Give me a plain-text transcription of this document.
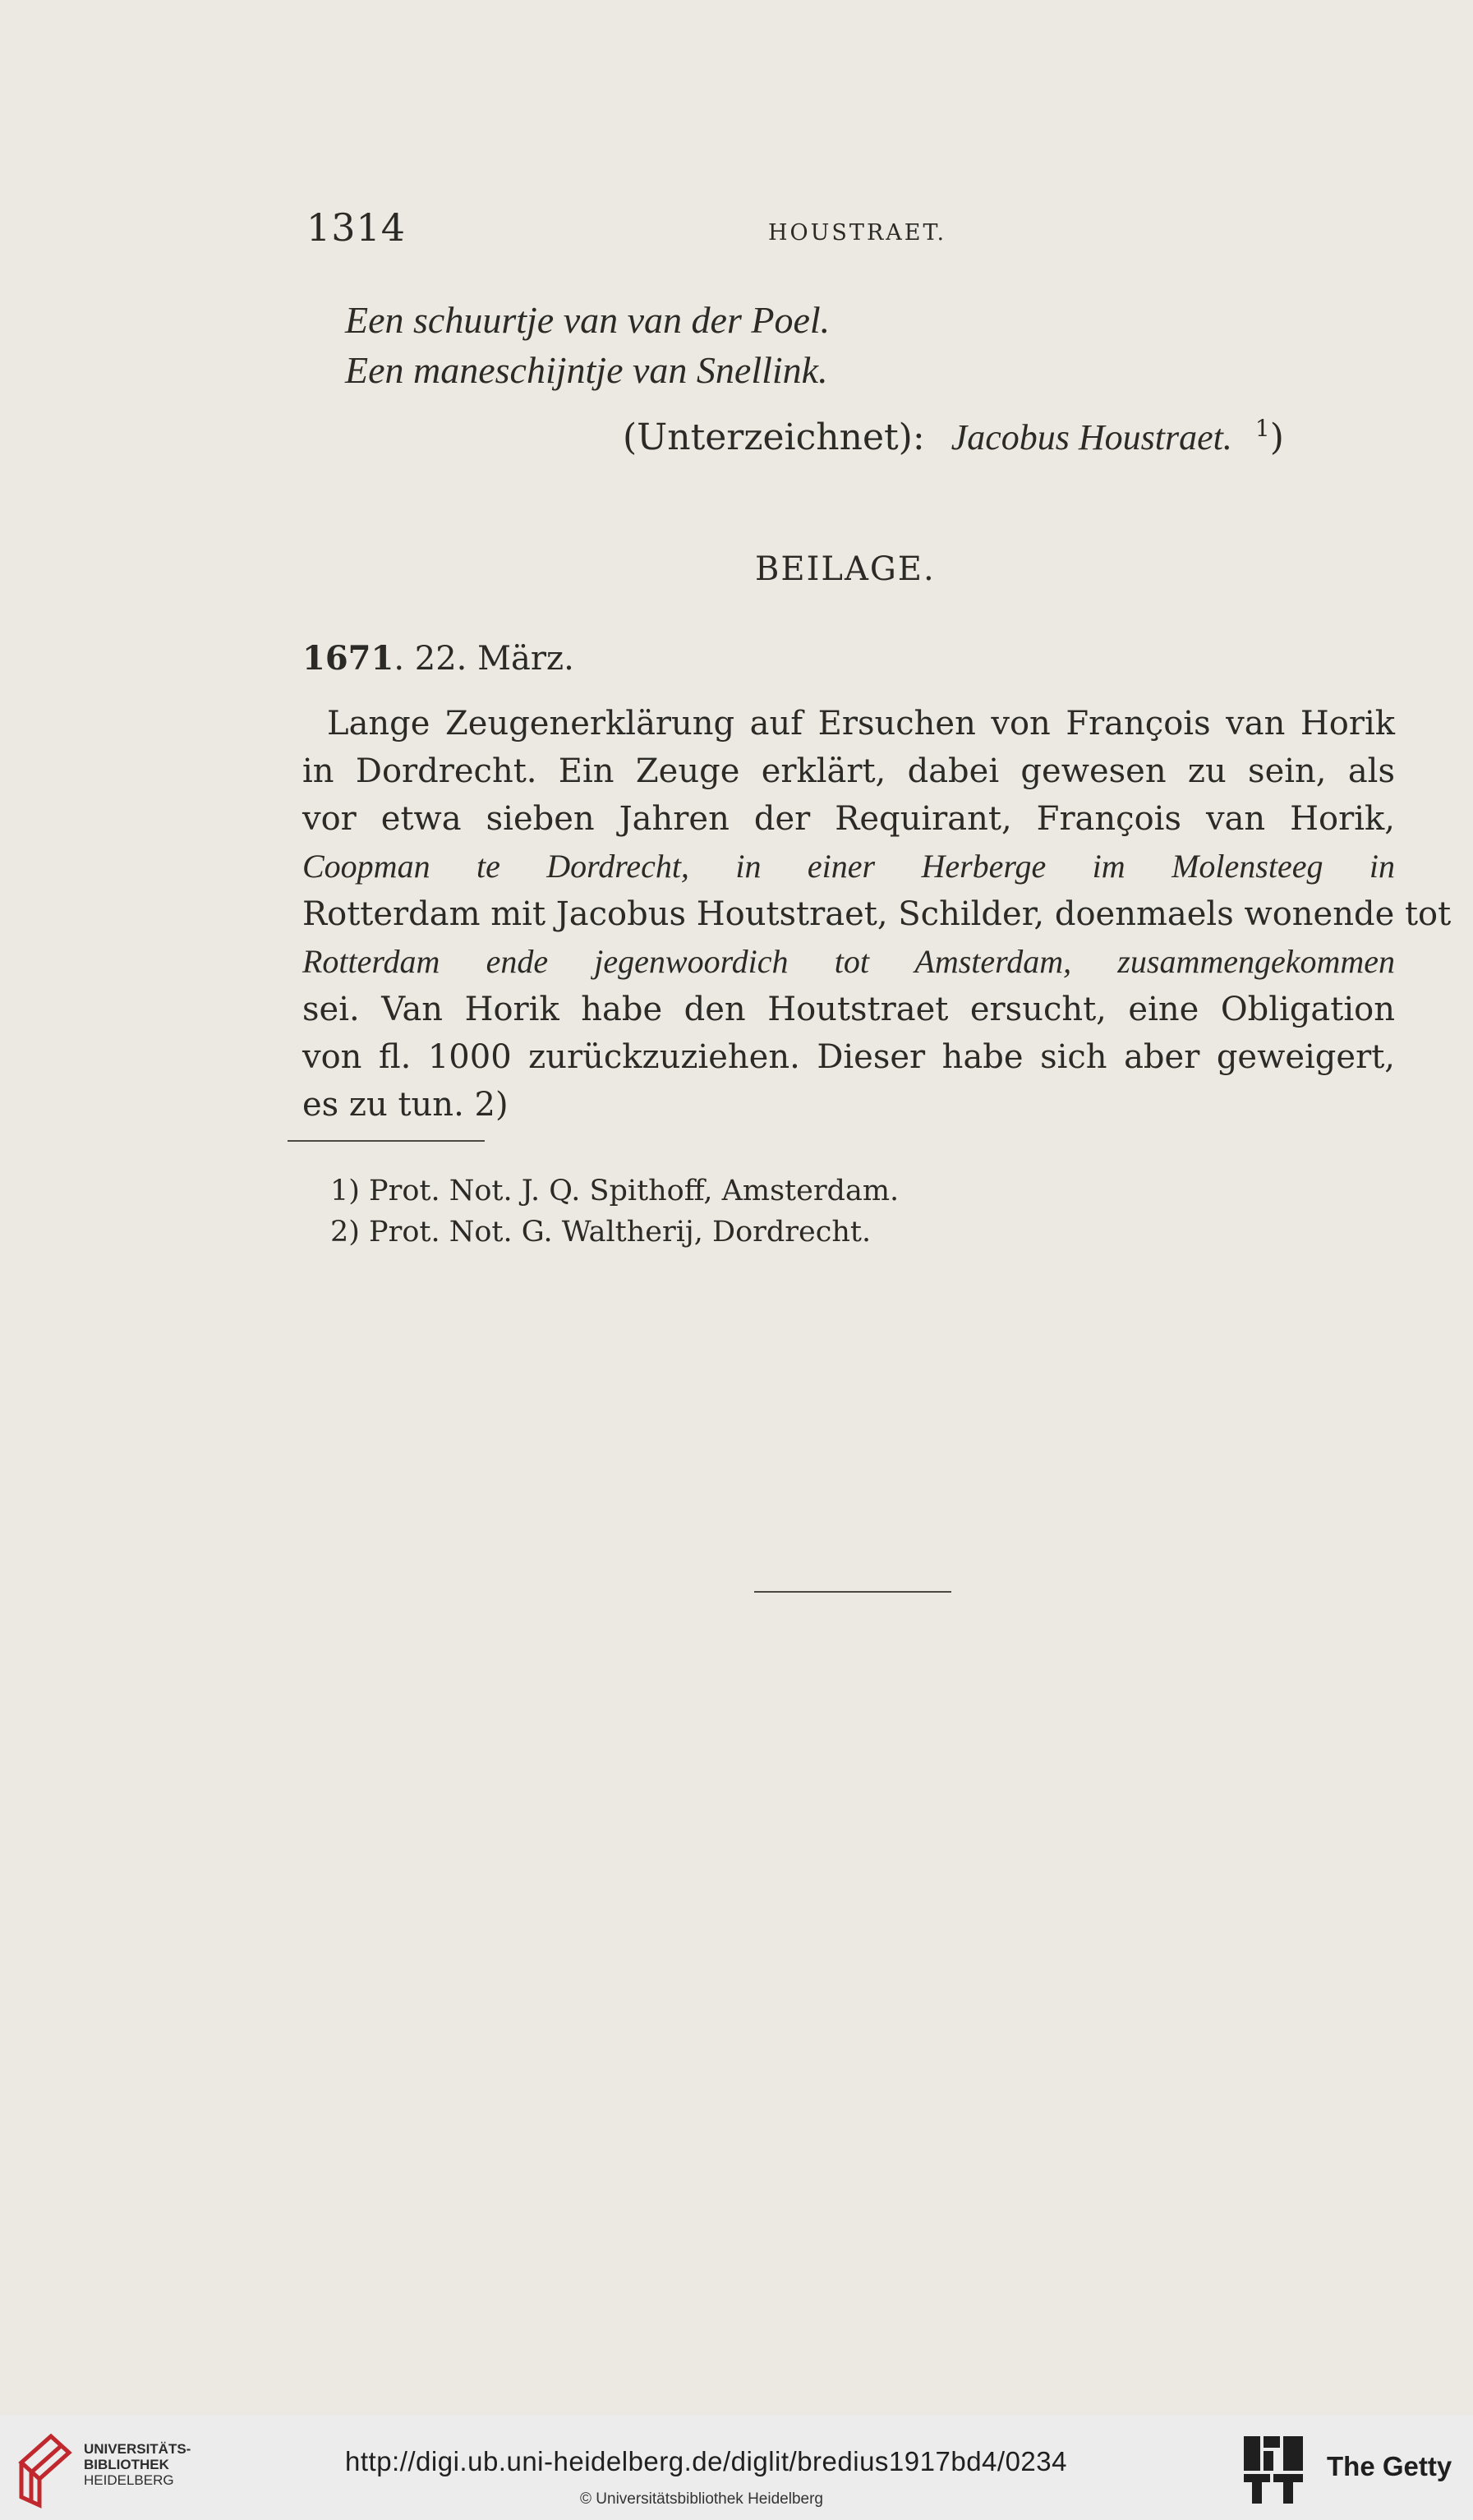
1314	HOUSTRAET.
Een schuurtje van van der Poel.
Een maneschijntje van Snellink.
(Unterzeichnet): Jacobus Houstraet. $^1$)
BEILAGE.
1671. 22. März.
Lange Zeugenerklärung auf Ersuchen von François van Horik
in Dordrecht. Ein Zeuge erklärt, dabei gewesen zu sein, als
vor etwa sieben Jahren der Requirant, François van Horik,
Coopman te Dordrecht, in einer Herberge im Molensteeg in
Rotterdam mit Jacobus Houtstraet, Schilder, doenmaels wonende tot
Rotterdam ende jegenwoordich tot Amsterdam, zusammengekommen
sei. Van Horik habe den Houtstraet ersucht, eine Obligation
von fl. 1000 zurückzuziehen. Dieser habe sich aber geweigert,
es zu tun. 2)
1) Prot. Not. J. Q. Spithoff, Amsterdam.
2) Prot. Not. G. Waltherij, Dordrecht.
UNIVERSITÄTS-
BIBLIOTHEK
HEIDELBERG
http://digi.ub.uni-heidelberg.de/diglit/bredius1917bd4/0234
© Universitätsbibliothek Heidelberg
The Getty
